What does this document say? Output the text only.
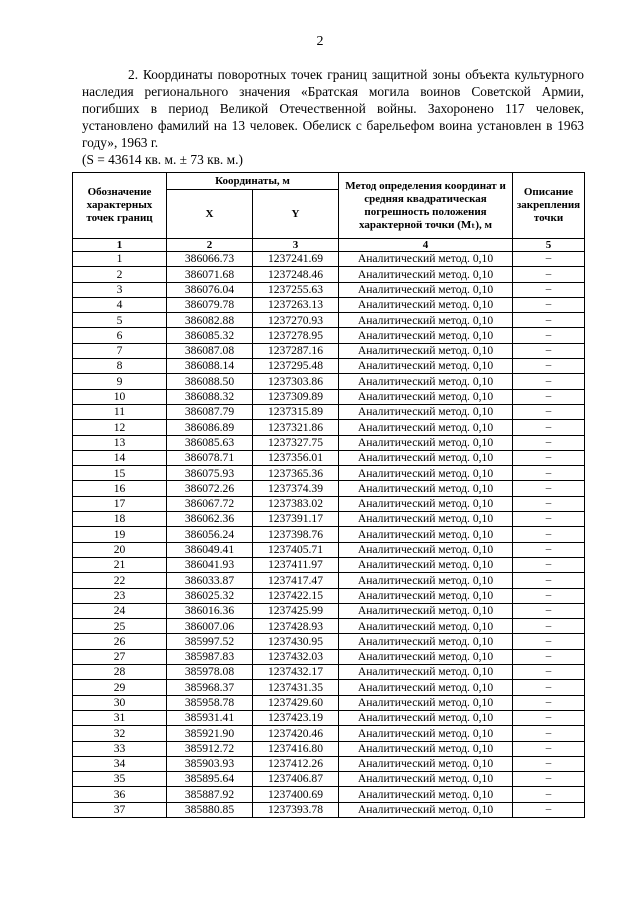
2

2. Координаты поворотных точек границ защитной зоны объекта культурного наследия регионального значения «Братская могила воинов Советской Армии, погибших в период Великой Отечественной войны. Захоронено 117 человек, установлено фамилий на 13 человек. Обелиск с барельефом воина установлен в 1963 году», 1963 г.
(S = 43614 кв. м. ± 73 кв. м.)

Обозначение характерных точек границ	Координаты, м		Метод определения координат и средняя квадратическая погрешность положения характерной точки (Mₜ), м	Описание закрепления точки
	X	Y		
1	2	3	4	5
1	386066.73	1237241.69	Аналитический метод. 0,10	–
2	386071.68	1237248.46	Аналитический метод. 0,10	–
3	386076.04	1237255.63	Аналитический метод. 0,10	–
4	386079.78	1237263.13	Аналитический метод. 0,10	–
5	386082.88	1237270.93	Аналитический метод. 0,10	–
6	386085.32	1237278.95	Аналитический метод. 0,10	–
7	386087.08	1237287.16	Аналитический метод. 0,10	–
8	386088.14	1237295.48	Аналитический метод. 0,10	–
9	386088.50	1237303.86	Аналитический метод. 0,10	–
10	386088.32	1237309.89	Аналитический метод. 0,10	–
11	386087.79	1237315.89	Аналитический метод. 0,10	–
12	386086.89	1237321.86	Аналитический метод. 0,10	–
13	386085.63	1237327.75	Аналитический метод. 0,10	–
14	386078.71	1237356.01	Аналитический метод. 0,10	–
15	386075.93	1237365.36	Аналитический метод. 0,10	–
16	386072.26	1237374.39	Аналитический метод. 0,10	–
17	386067.72	1237383.02	Аналитический метод. 0,10	–
18	386062.36	1237391.17	Аналитический метод. 0,10	–
19	386056.24	1237398.76	Аналитический метод. 0,10	–
20	386049.41	1237405.71	Аналитический метод. 0,10	–
21	386041.93	1237411.97	Аналитический метод. 0,10	–
22	386033.87	1237417.47	Аналитический метод. 0,10	–
23	386025.32	1237422.15	Аналитический метод. 0,10	–
24	386016.36	1237425.99	Аналитический метод. 0,10	–
25	386007.06	1237428.93	Аналитический метод. 0,10	–
26	385997.52	1237430.95	Аналитический метод. 0,10	–
27	385987.83	1237432.03	Аналитический метод. 0,10	–
28	385978.08	1237432.17	Аналитический метод. 0,10	–
29	385968.37	1237431.35	Аналитический метод. 0,10	–
30	385958.78	1237429.60	Аналитический метод. 0,10	–
31	385931.41	1237423.19	Аналитический метод. 0,10	–
32	385921.90	1237420.46	Аналитический метод. 0,10	–
33	385912.72	1237416.80	Аналитический метод. 0,10	–
34	385903.93	1237412.26	Аналитический метод. 0,10	–
35	385895.64	1237406.87	Аналитический метод. 0,10	–
36	385887.92	1237400.69	Аналитический метод. 0,10	–
37	385880.85	1237393.78	Аналитический метод. 0,10	–
